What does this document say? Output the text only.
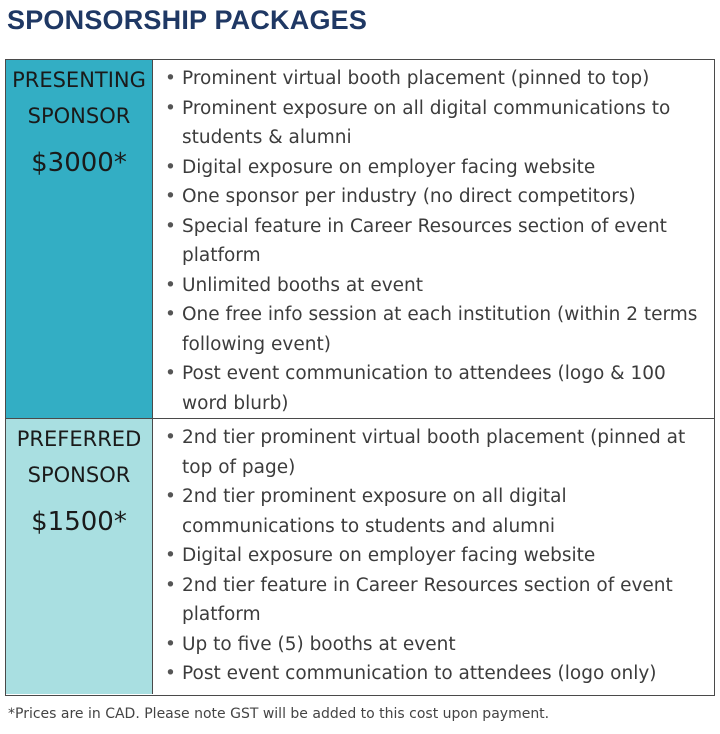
SPONSORSHIP PACKAGES
PRESENTING
SPONSOR
$3000*
• Prominent virtual booth placement (pinned to top)
• Prominent exposure on all digital communications to students & alumni
• Digital exposure on employer facing website
• One sponsor per industry (no direct competitors)
• Special feature in Career Resources section of event platform
• Unlimited booths at event
• One free info session at each institution (within 2 terms following event)
• Post event communication to attendees (logo & 100 word blurb)
PREFERRED
SPONSOR
$1500*
• 2nd tier prominent virtual booth placement (pinned at top of page)
• 2nd tier prominent exposure on all digital communications to students and alumni
• Digital exposure on employer facing website
• 2nd tier feature in Career Resources section of event platform
• Up to five (5) booths at event
• Post event communication to attendees (logo only)
*Prices are in CAD. Please note GST will be added to this cost upon payment.
